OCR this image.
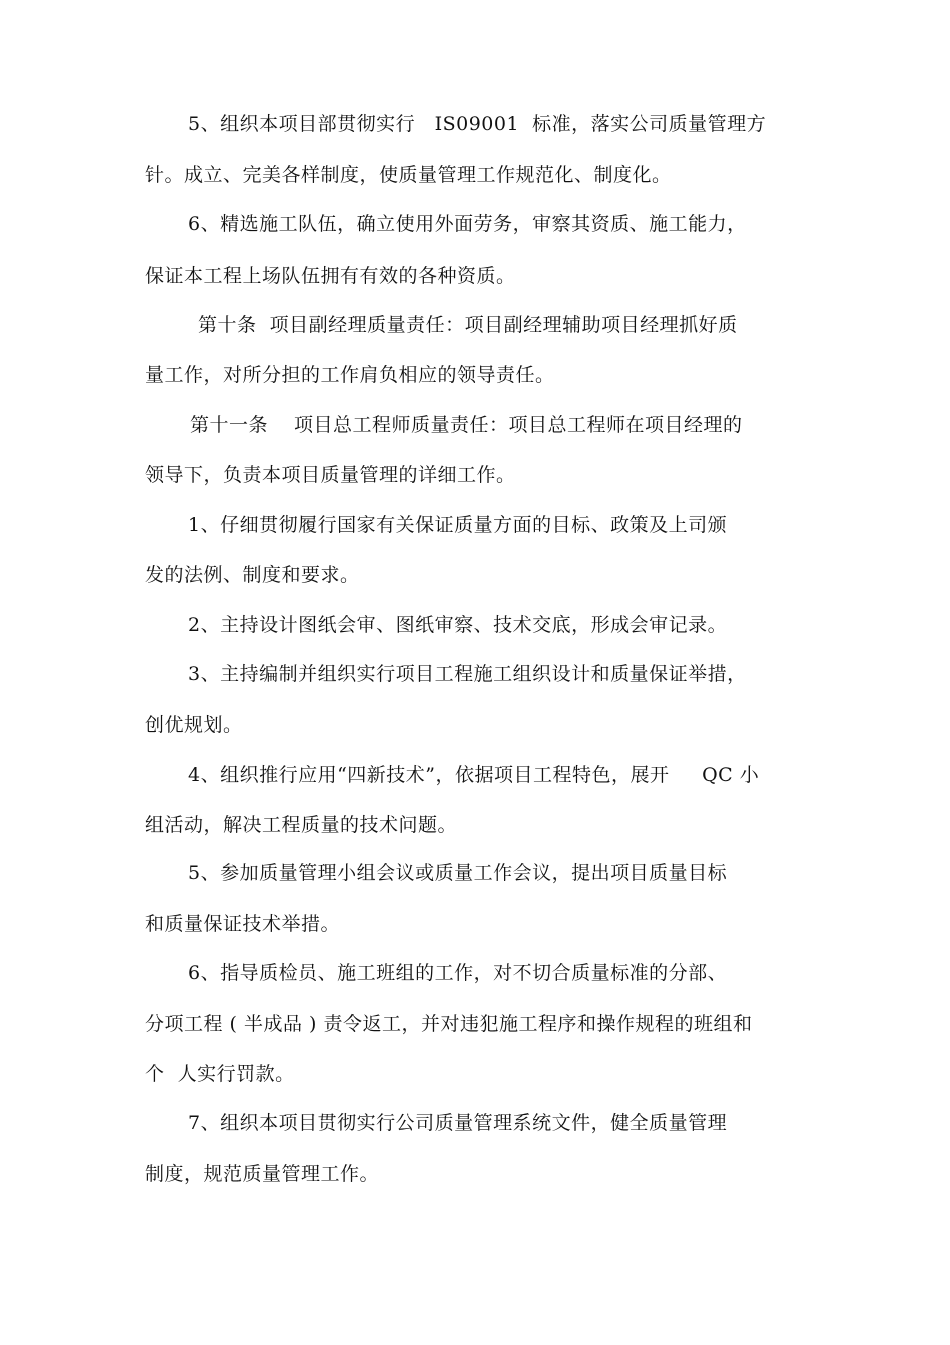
5、组织本项目部贯彻实行　IS09001  标准，落实公司质量管理方
针。成立、完美各样制度，使质量管理工作规范化、制度化。
6、精选施工队伍，确立使用外面劳务，审察其资质、施工能力，
保证本工程上场队伍拥有有效的各种资质。
第十条  项目副经理质量责任：项目副经理辅助项目经理抓好质
量工作，对所分担的工作肩负相应的领导责任。
第十一条　 项目总工程师质量责任：项目总工程师在项目经理的
领导下，负责本项目质量管理的详细工作。
1、仔细贯彻履行国家有关保证质量方面的目标、政策及上司颁
发的法例、制度和要求。
2、主持设计图纸会审、图纸审察、技术交底，形成会审记录。
3、主持编制并组织实行项目工程施工组织设计和质量保证举措，
创优规划。
4、组织推行应用“四新技术”，依据项目工程特色，展开　  QC 小
组活动，解决工程质量的技术问题。
5、参加质量管理小组会议或质量工作会议，提出项目质量目标
和质量保证技术举措。
6、指导质检员、施工班组的工作，对不切合质量标准的分部、
分项工程 ( 半成品 ) 责令返工，并对违犯施工程序和操作规程的班组和
个  人实行罚款。
7、组织本项目贯彻实行公司质量管理系统文件，健全质量管理
制度，规范质量管理工作。
